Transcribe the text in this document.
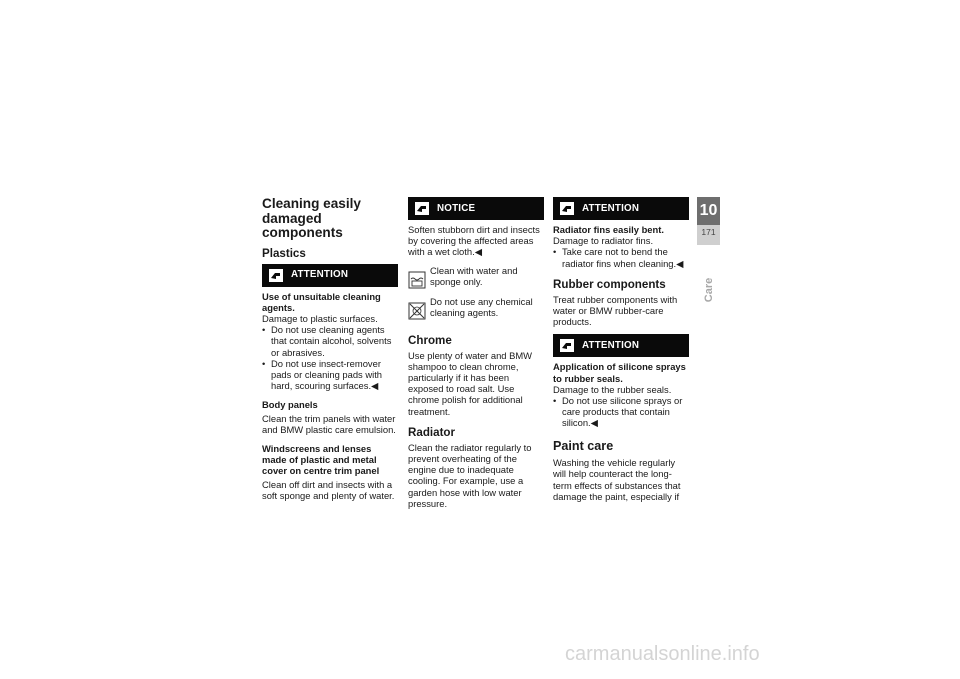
Cleaning easily damaged components
Plastics
ATTENTION
Use of unsuitable cleaning agents.

Damage to plastic surfaces.

• Do not use cleaning agents that contain alcohol, solvents or abrasives.
• Do not use insect-remover pads or cleaning pads with hard, scouring surfaces.◀
Body panels

Clean the trim panels with water and BMW plastic care emulsion.

Windscreens and lenses made of plastic and metal cover on centre trim panel

Clean off dirt and insects with a soft sponge and plenty of water.

NOTICE

Soften stubborn dirt and insects by covering the affected areas with a wet cloth.◀

Clean with water and sponge only.

Do not use any chemical cleaning agents.

Chrome

Use plenty of water and BMW shampoo to clean chrome, particularly if it has been exposed to road salt. Use chrome polish for additional treatment.

Radiator

Clean the radiator regularly to prevent overheating of the engine due to inadequate cooling. For example, use a garden hose with low water pressure.

ATTENTION
Radiator fins easily bent.

Damage to radiator fins.

• Take care not to bend the radiator fins when cleaning.◀
Rubber components

Treat rubber components with water or BMW rubber-care products.

ATTENTION
Application of silicone sprays to rubber seals.

Damage to the rubber seals.

• Do not use silicone sprays or care products that contain silicon.◀
Paint care

Washing the vehicle regularly will help counteract the long-term effects of substances that damage the paint, especially if

10
171
Care
carmanualsonline.info
